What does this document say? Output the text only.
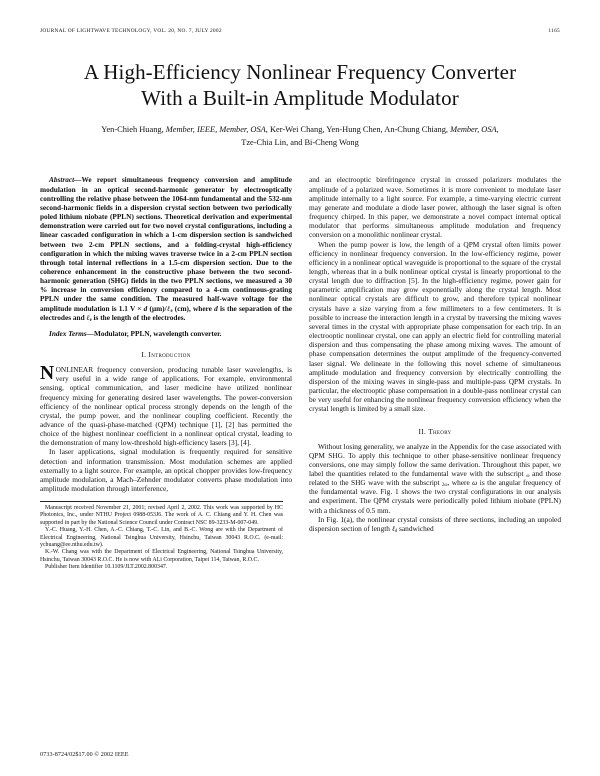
JOURNAL OF LIGHTWAVE TECHNOLOGY, VOL. 20, NO. 7, JULY 2002	1165
A High-Efficiency Nonlinear Frequency Converter
With a Built-in Amplitude Modulator
Yen-Chieh Huang, Member, IEEE, Member, OSA, Ker-Wei Chang, Yen-Hung Chen, An-Chung Chiang, Member, OSA,
Tze-Chia Lin, and Bi-Cheng Wong

Abstract—We report simultaneous frequency conversion and amplitude modulation in an optical second-harmonic generator by electrooptically controlling the relative phase between the 1064-nm fundamental and the 532-nm second-harmonic fields in a dispersion crystal section between two periodically poled lithium niobate (PPLN) sections. Theoretical derivation and experimental demonstration were carried out for two novel crystal configurations, including a linear cascaded configuration in which a 1-cm dispersion section is sandwiched between two 2-cm PPLN sections, and a folding-crystal high-efficiency configuration in which the mixing waves traverse twice in a 2-cm PPLN section through total internal reflections in a 1.5-cm dispersion section. Due to the coherence enhancement in the constructive phase between the two second-harmonic generation (SHG) fields in the two PPLN sections, we measured a 30 % increase in conversion efficiency compared to a 4-cm continuous-grating PPLN under the same condition. The measured half-wave voltage for the amplitude modulation is 1.1 V × d (μm)/ℓ$_e$ (cm), where d is the separation of the electrodes and ℓ$_e$ is the length of the electrodes.

Index Terms—Modulator, PPLN, wavelength converter.

I. Introduction

NONLINEAR frequency conversion, producing tunable laser wavelengths, is very useful in a wide range of applications. For example, environmental sensing, optical communication, and laser medicine have utilized nonlinear frequency mixing for generating desired laser wavelengths. The power-conversion efficiency of the nonlinear optical process strongly depends on the length of the crystal, the pump power, and the nonlinear coupling coefficient. Recently the advance of the quasi-phase-matched (QPM) technique [1], [2] has permitted the choice of the highest nonlinear coefficient in a nonlinear optical crystal, leading to the demonstration of many low-threshold high-efficiency lasers [3], [4].

In laser applications, signal modulation is frequently required for sensitive detection and information transmission. Most modulation schemes are applied externally to a light source. For example, an optical chopper provides low-frequency amplitude modulation, a Mach–Zehnder modulator converts phase modulation into amplitude modulation through interference,

Manuscript received November 21, 2001; revised April 2, 2002. This work was supported by HC Photonics, Inc., under NTHU Project 0988-053J6. The work of A. C. Chiang and Y. H. Chen was supported in part by the National Science Council under Contract NSC 89-3233-M-007-049.

Y.-C. Huang, Y.-H. Chen, A.-C. Chiang, T.-C. Lin, and B.-C. Wong are with the Department of Electrical Engineering, National Tsinghua University, Hsinchu, Taiwan 30043 R.O.C. (e-mail: ychuang@ee.nthu.edu.tw).

K.-W. Chang was with the Department of Electrical Engineering, National Tsinghua University, Hsinchu, Taiwan 30043 R.O.C. He is now with ALi Corporation, Taipei 114, Taiwan, R.O.C.

Publisher Item Identifier 10.1109/JLT.2002.800347.

and an electrooptic birefringence crystal in crossed polarizers modulates the amplitude of a polarized wave. Sometimes it is more convenient to modulate laser amplitude internally to a light source. For example, a time-varying electric current may generate and modulate a diode laser power, although the laser signal is often frequency chirped. In this paper, we demonstrate a novel compact internal optical modulator that performs simultaneous amplitude modulation and frequency conversion on a monolithic nonlinear crystal.

When the pump power is low, the length of a QPM crystal often limits power efficiency in nonlinear frequency conversion. In the low-efficiency regime, power efficiency in a nonlinear optical waveguide is proportional to the square of the crystal length, whereas that in a bulk nonlinear optical crystal is linearly proportional to the crystal length due to diffraction [5]. In the high-efficiency regime, power gain for parametric amplification may grow exponentially along the crystal length. Most nonlinear optical crystals are difficult to grow, and therefore typical nonlinear crystals have a size varying from a few millimeters to a few centimeters. It is possible to increase the interaction length in a crystal by traversing the mixing waves several times in the crystal with appropriate phase compensation for each trip. In an electrooptic nonlinear crystal, one can apply an electric field for controlling material dispersion and thus compensating the phase among mixing waves. The amount of phase compensation determines the output amplitude of the frequency-converted laser signal. We delineate in the following this novel scheme of simultaneous amplitude modulation and frequency conversion by electrically controlling the dispersion of the mixing waves in single-pass and multiple-pass QPM crystals. In particular, the electrooptic phase compensation in a double-pass nonlinear crystal can be very useful for enhancing the nonlinear frequency conversion efficiency when the crystal length is limited by a small size.

II. Theory

Without losing generality, we analyze in the Appendix for the case associated with QPM SHG. To apply this technique to other phase-sensitive nonlinear frequency conversions, one may simply follow the same derivation. Throughout this paper, we label the quantities related to the fundamental wave with the subscript $_\omega$ and those related to the SHG wave with the subscript $_{2\omega}$, where ω is the angular frequency of the fundamental wave. Fig. 1 shows the two crystal configurations in our analysis and experiment. The QPM crystals were periodically poled lithium niobate (PPLN) with a thickness of 0.5 mm.

In Fig. 1(a), the nonlinear crystal consists of three sections, including an unpoled dispersion section of length ℓ$_d$ sandwiched

0733-8724/02$17.00 © 2002 IEEE
